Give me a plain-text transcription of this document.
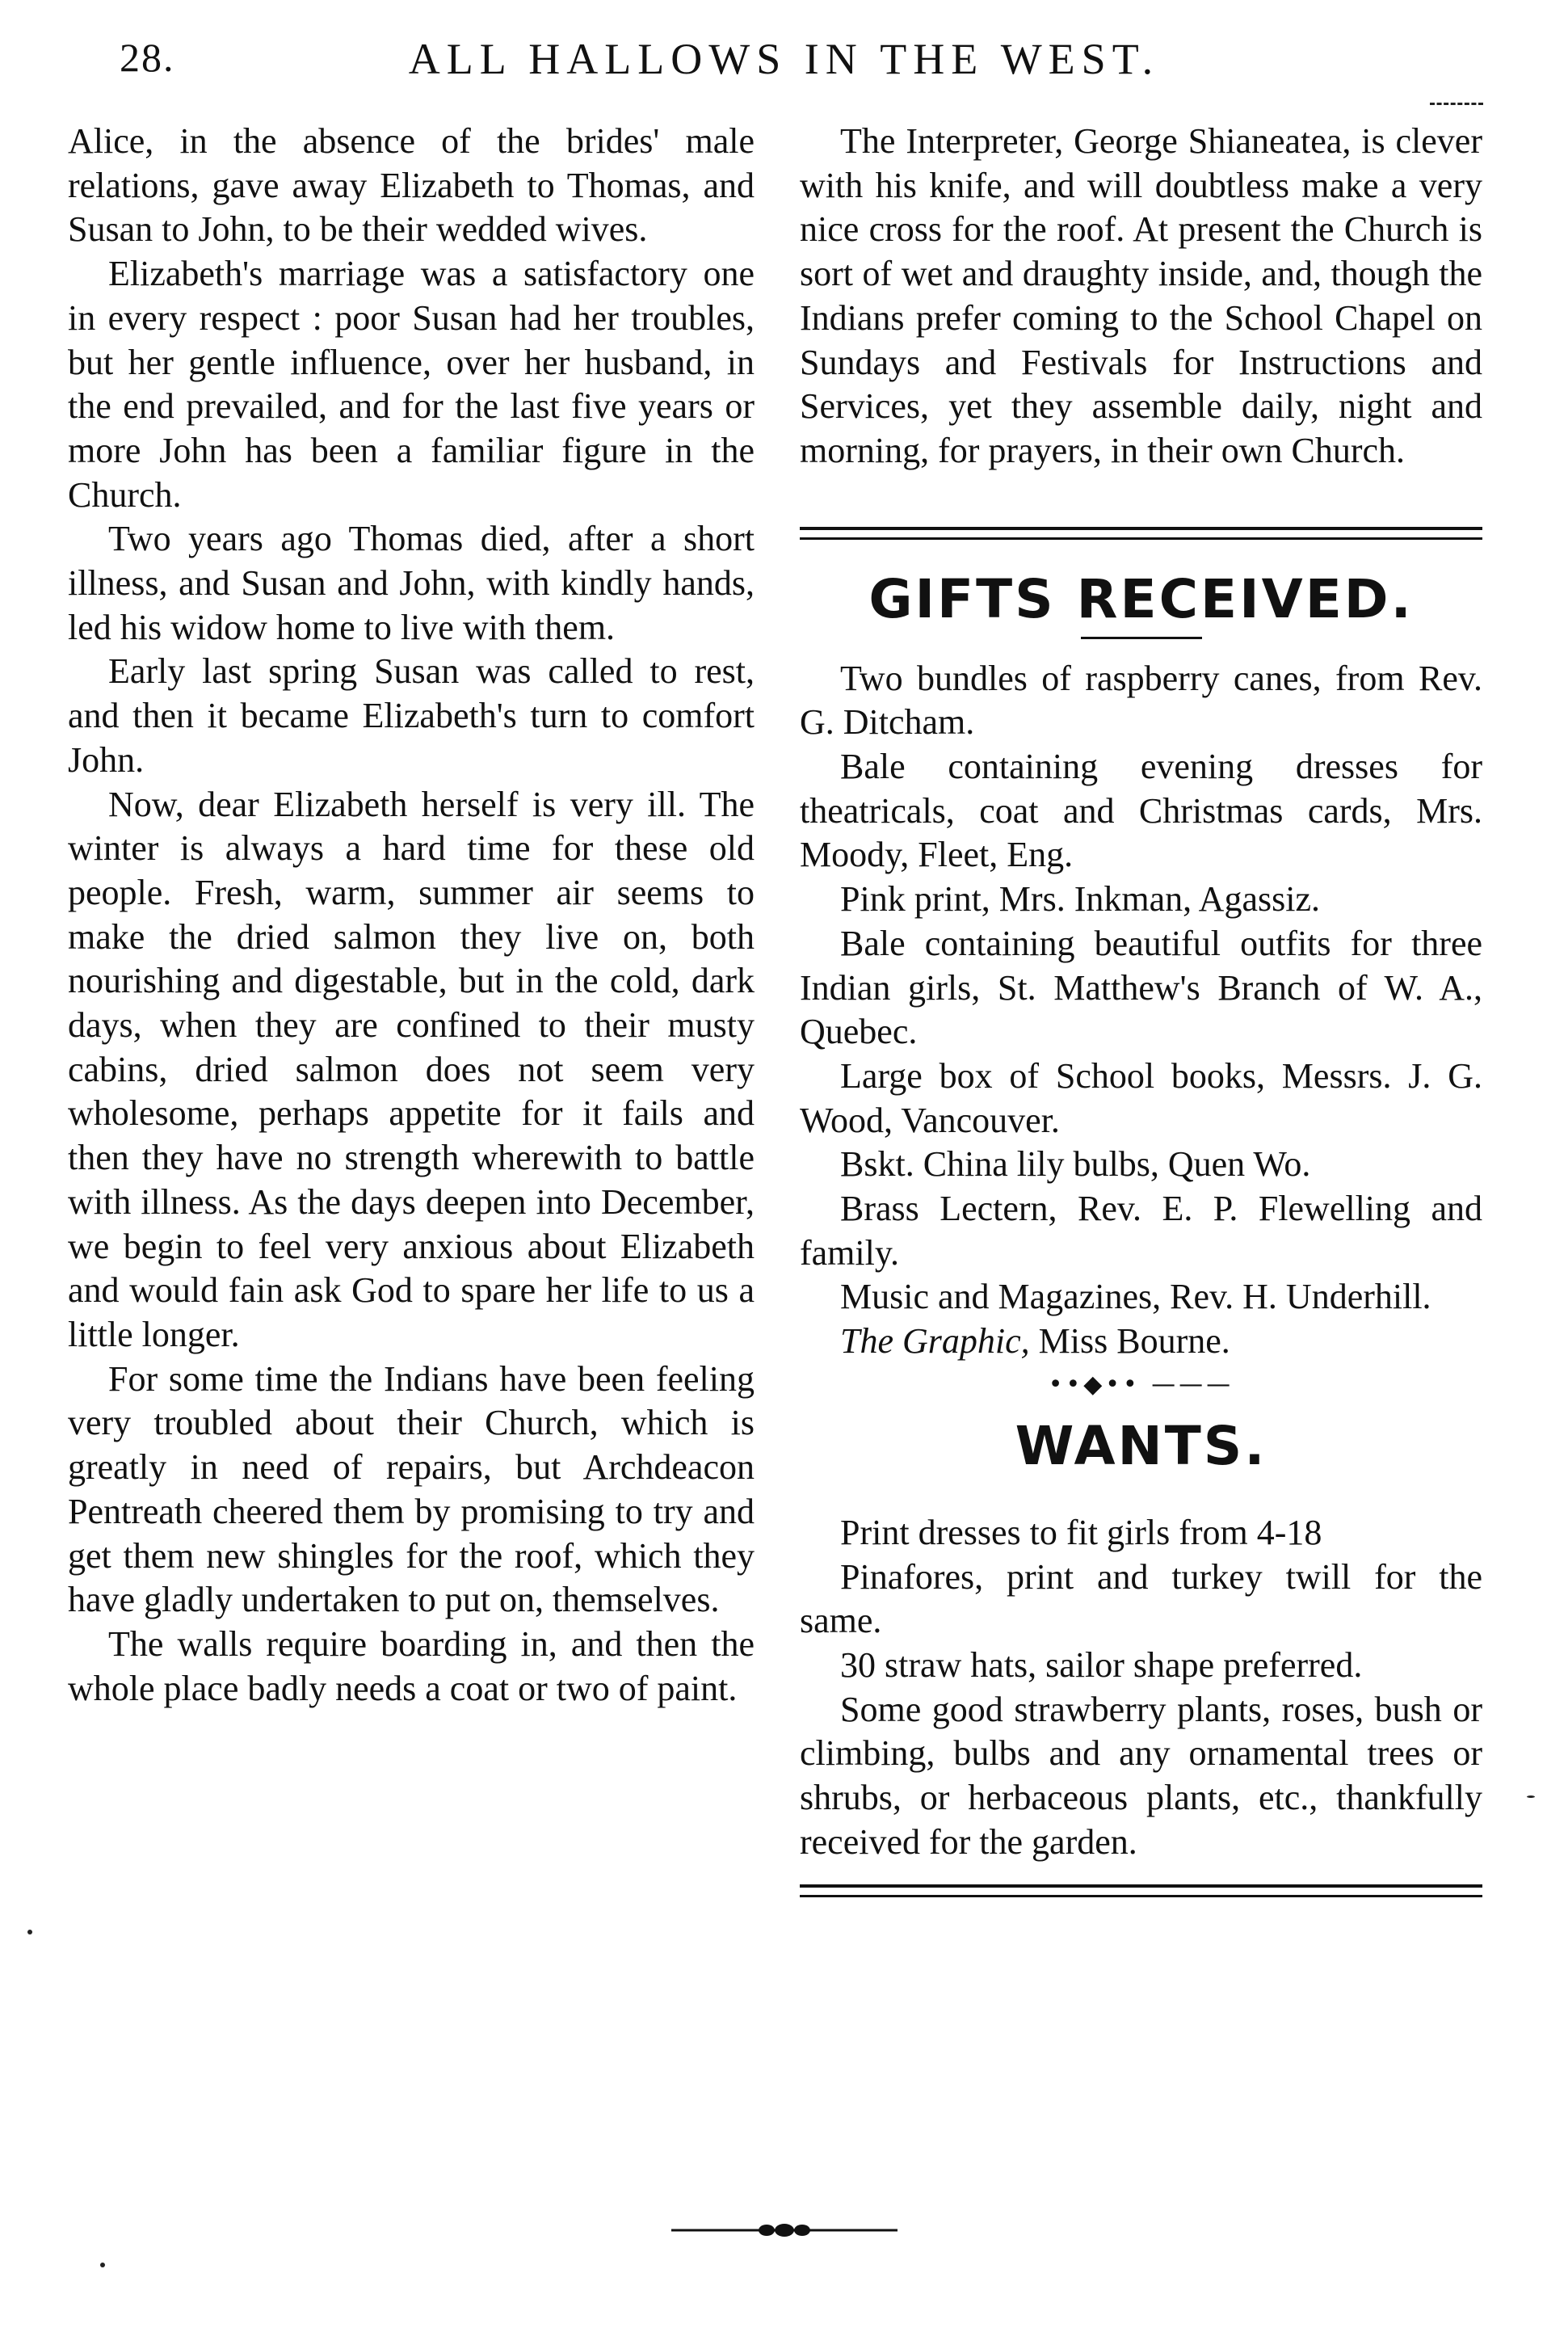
ALL HALLOWS IN THE WEST.
28.

Alice, in the absence of the brides' male relations, gave away Elizabeth to Thomas, and Susan to John, to be their wedded wives.

Elizabeth's marriage was a satisfactory one in every respect : poor Susan had her troubles, but her gentle influence, over her husband, in the end prevailed, and for the last five years or more John has been a familiar figure in the Church.

Two years ago Thomas died, after a short illness, and Susan and John, with kindly hands, led his widow home to live with them.

Early last spring Susan was called to rest, and then it became Elizabeth's turn to comfort John.

Now, dear Elizabeth herself is very ill. The winter is always a hard time for these old people. Fresh, warm, summer air seems to make the dried salmon they live on, both nourishing and digestable, but in the cold, dark days, when they are confined to their musty cabins, dried salmon does not seem very wholesome, perhaps appetite for it fails and then they have no strength wherewith to battle with illness. As the days deepen into December, we begin to feel very anxious about Elizabeth and would fain ask God to spare her life to us a little longer.

For some time the Indians have been feeling very troubled about their Church, which is greatly in need of repairs, but Archdeacon Pentreath cheered them by promising to try and get them new shingles for the roof, which they have gladly undertaken to put on, themselves.

The walls require boarding in, and then the whole place badly needs a coat or two of paint.

The Interpreter, George Shianeatea, is clever with his knife, and will doubtless make a very nice cross for the roof. At present the Church is sort of wet and draughty inside, and, though the Indians prefer coming to the School Chapel on Sundays and Festivals for Instructions and Services, yet they assemble daily, night and morning, for prayers, in their own Church.

GIFTS RECEIVED.

Two bundles of raspberry canes, from Rev. G. Ditcham.

Bale containing evening dresses for theatricals, coat and Christmas cards, Mrs. Moody, Fleet, Eng.

Pink print, Mrs. Inkman, Agassiz.

Bale containing beautiful outfits for three Indian girls, St. Matthew's Branch of W. A., Quebec.

Large box of School books, Messrs. J. G. Wood, Vancouver.

Bskt. China lily bulbs, Quen Wo.

Brass Lectern, Rev. E. P. Flewelling and family.

Music and Magazines, Rev. H. Underhill.

The Graphic, Miss Bourne.

••◆•• ———
WANTS.

Print dresses to fit girls from 4-18

Pinafores, print and turkey twill for the same.

30 straw hats, sailor shape preferred.

Some good strawberry plants, roses, bush or climbing, bulbs and any ornamental trees or shrubs, or herbaceous plants, etc., thankfully received for the garden.
